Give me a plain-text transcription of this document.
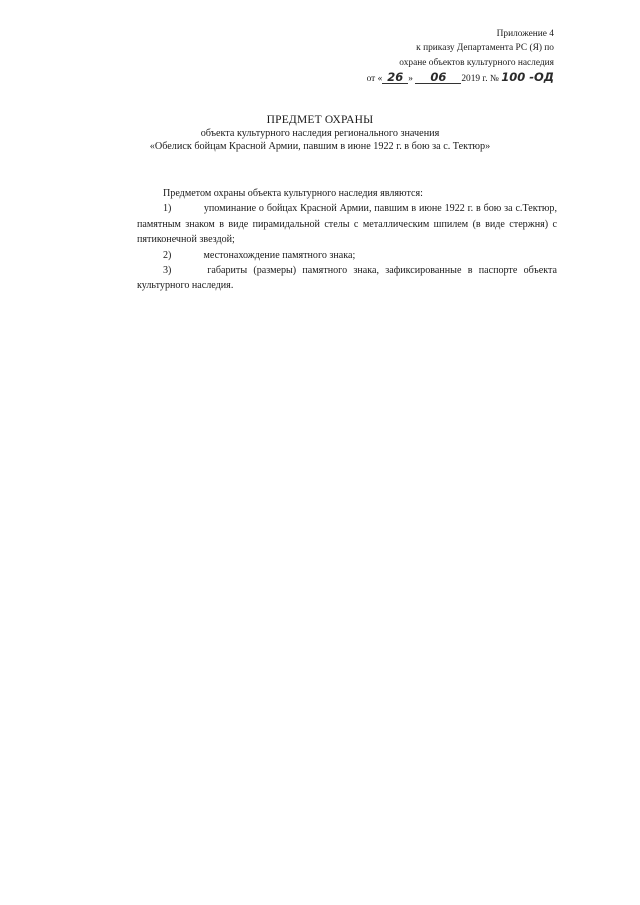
Приложение 4
к приказу Департамента РС (Я) по
охране объектов культурного наследия
от « 26 » 06 2019 г. № 100 -ОД
ПРЕДМЕТ ОХРАНЫ
объекта культурного наследия регионального значения
«Обелиск бойцам Красной Армии, павшим в июне 1922 г. в бою за с. Тектюр»

Предметом охраны объекта культурного наследия являются:

1)	упоминание о бойцах Красной Армии, павшим в июне 1922 г. в бою за с.Тектюр, памятным знаком в виде пирамидальной стелы с металлическим шпилем (в виде стержня) с пятиконечной звездой;
2)	местонахождение памятного знака;
3)	габариты (размеры) памятного знака, зафиксированные в паспорте объекта культурного наследия.
